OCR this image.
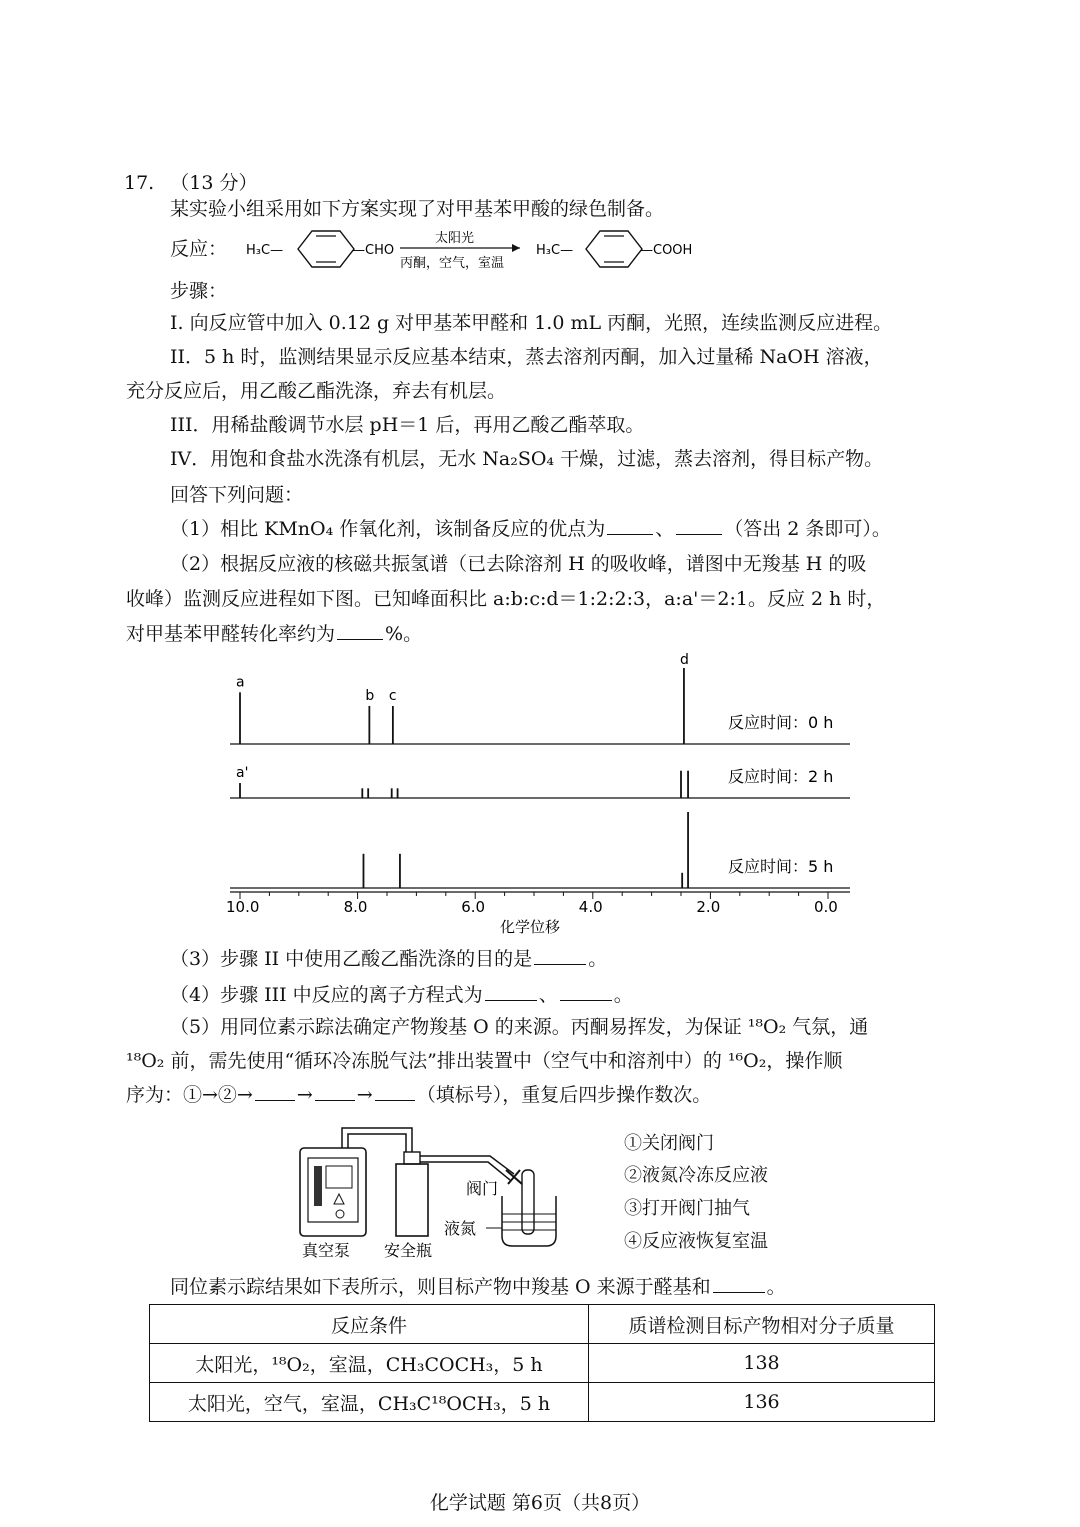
17. （13 分）
某实验小组采用如下方案实现了对甲基苯甲酸的绿色制备。
反应： H₃C—	—CHO
太阳光
丙酮，空气，室温
H₃C—	—COOH
步骤：
I. 向反应管中加入 0.12 g 对甲基苯甲醛和 1.0 mL 丙酮，光照，连续监测反应进程。
II．5 h 时，监测结果显示反应基本结束，蒸去溶剂丙酮，加入过量稀 NaOH 溶液，
充分反应后，用乙酸乙酯洗涤，弃去有机层。
III．用稀盐酸调节水层 pH＝1 后，再用乙酸乙酯萃取。
IV．用饱和食盐水洗涤有机层，无水 Na₂SO₄ 干燥，过滤，蒸去溶剂，得目标产物。
回答下列问题：
（1）相比 KMnO₄ 作氧化剂，该制备反应的优点为	、	（答出 2 条即可）。
（2）根据反应液的核磁共振氢谱（已去除溶剂 H 的吸收峰，谱图中无羧基 H 的吸
收峰）监测反应进程如下图。已知峰面积比 a:b:c:d＝1:2:2:3，a:a'＝2:1。反应 2 h 时，
对甲基苯甲醛转化率约为	%。
a
b c
d
反应时间：0 h
a'	反应时间：2 h
反应时间：5 h
10.0	8.0	6.0	4.0	2.0	0.0
化学位移
（3）步骤 II 中使用乙酸乙酯洗涤的目的是	。
（4）步骤 III 中反应的离子方程式为	、	。
（5）用同位素示踪法确定产物羧基 O 的来源。丙酮易挥发，为保证 ¹⁸O₂ 气氛，通
¹⁸O₂ 前，需先使用“循环冷冻脱气法”排出装置中（空气中和溶剂中）的 ¹⁶O₂，操作顺
序为：①→②→ → → （填标号），重复后四步操作数次。
阀门
液氮
真空泵 安全瓶
①关闭阀门
②液氮冷冻反应液
③打开阀门抽气
④反应液恢复室温
同位素示踪结果如下表所示，则目标产物中羧基 O 来源于醛基和	。
反应条件	质谱检测目标产物相对分子质量
太阳光，¹⁸O₂，室温，CH₃COCH₃，5 h	138
太阳光，空气，室温，CH₃C¹⁸OCH₃，5 h	136
化学试题 第6页（共8页）
